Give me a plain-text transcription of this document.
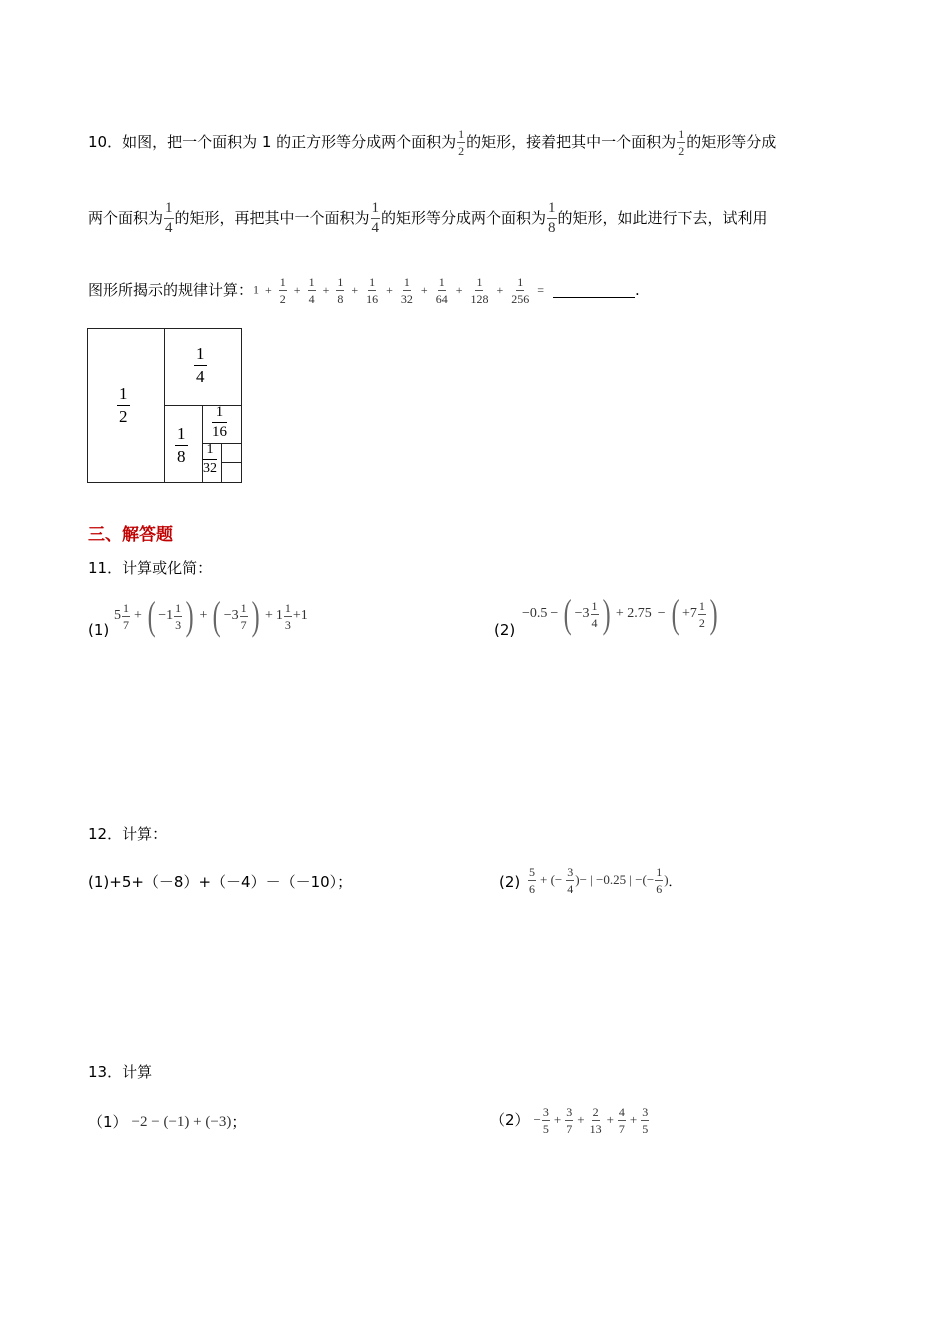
10．如图，把一个面积为 1 的正方形等分成两个面积为 $\frac{1}{2}$ 的矩形，接着把其中一个面积为 $\frac{1}{2}$ 的矩形等分成
两个面积为 $\frac{1}{4}$ 的矩形，再把其中一个面积为 $\frac{1}{4}$ 的矩形等分成两个面积为 $\frac{1}{8}$ 的矩形，如此进行下去，试利用
图形所揭示的规律计算： $1 + \frac{1}{2} + \frac{1}{4} + \frac{1}{8} + \frac{1}{16} + \frac{1}{32} + \frac{1}{64} + \frac{1}{128} + \frac{1}{256}$ =	.
$\frac{1}{2}$
$\frac{1}{4}$
$\frac{1}{8}$
$\frac{1}{16}$
$\frac{1}{32}$
三、解答题
11．计算或化简：
(1)
$5 \frac{1}{7}$ + ( $-1 \frac{1}{3}$ ) + ( $-3 \frac{1}{7}$ ) + $1 \frac{1}{3} +1$
(2)
−0.5 − ( $-3 \frac{1}{4}$ ) + 2.75 − ( $+7 \frac{1}{2}$ )
12．计算：
(1)+5+（－8）+（－4）－（－10）；	$(2) \frac{5}{6}$ + (− $\frac{3}{4}$ )− | −0.25 | −(− $\frac{1}{6}$ ) ．
13．计算
（1） −2 − (−1) + (−3) ；	$(2) - \frac{3}{5} + \frac{3}{7} + \frac{2}{13} + \frac{4}{7} + \frac{3}{5}$
